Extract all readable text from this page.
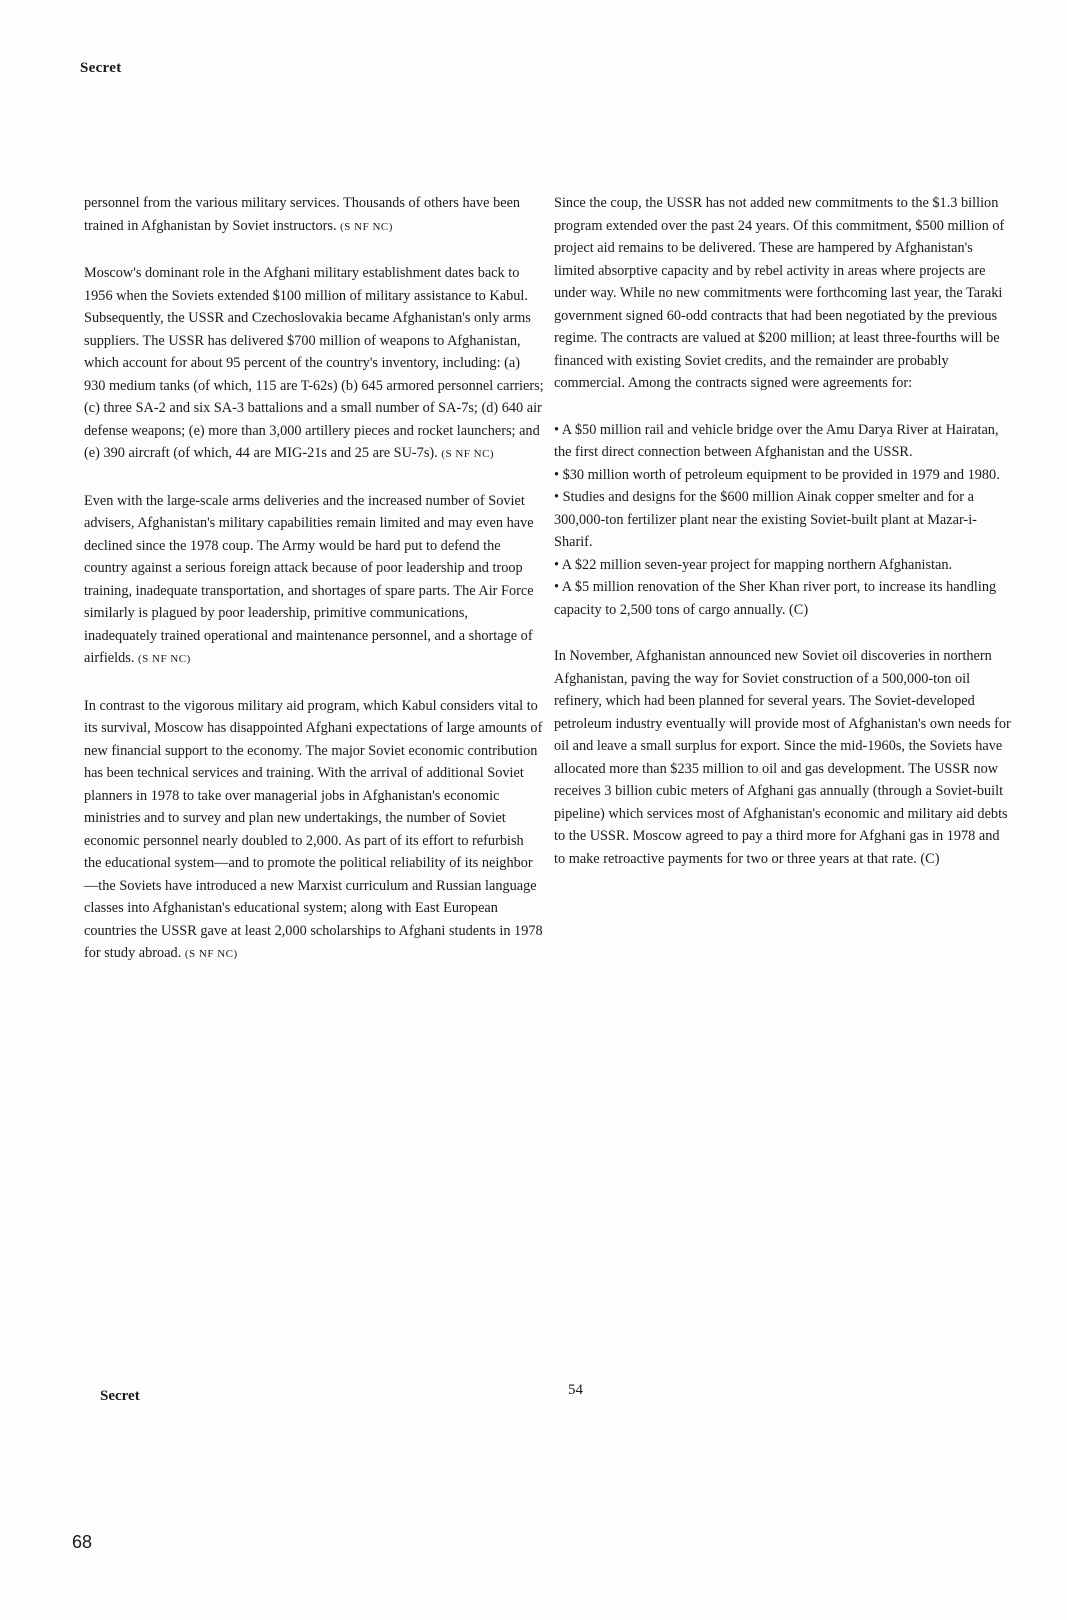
Secret

personnel from the various military services. Thousands of others have been trained in Afghanistan by Soviet instructors. (S NF NC)

Moscow's dominant role in the Afghani military establishment dates back to 1956 when the Soviets extended $100 million of military assistance to Kabul. Subsequently, the USSR and Czechoslovakia became Afghanistan's only arms suppliers. The USSR has delivered $700 million of weapons to Afghanistan, which account for about 95 percent of the country's inventory, including: (a) 930 medium tanks (of which, 115 are T-62s) (b) 645 armored personnel carriers; (c) three SA-2 and six SA-3 battalions and a small number of SA-7s; (d) 640 air defense weapons; (e) more than 3,000 artillery pieces and rocket launchers; and (e) 390 aircraft (of which, 44 are MIG-21s and 25 are SU-7s). (S NF NC)

Even with the large-scale arms deliveries and the increased number of Soviet advisers, Afghanistan's military capabilities remain limited and may even have declined since the 1978 coup. The Army would be hard put to defend the country against a serious foreign attack because of poor leadership and troop training, inadequate transportation, and shortages of spare parts. The Air Force similarly is plagued by poor leadership, primitive communications, inadequately trained operational and maintenance personnel, and a shortage of airfields. (S NF NC)

In contrast to the vigorous military aid program, which Kabul considers vital to its survival, Moscow has disappointed Afghani expectations of large amounts of new financial support to the economy. The major Soviet economic contribution has been technical services and training. With the arrival of additional Soviet planners in 1978 to take over managerial jobs in Afghanistan's economic ministries and to survey and plan new undertakings, the number of Soviet economic personnel nearly doubled to 2,000. As part of its effort to refurbish the educational system—and to promote the political reliability of its neighbor—the Soviets have introduced a new Marxist curriculum and Russian language classes into Afghanistan's educational system; along with East European countries the USSR gave at least 2,000 scholarships to Afghani students in 1978 for study abroad. (S NF NC)

Since the coup, the USSR has not added new commitments to the $1.3 billion program extended over the past 24 years. Of this commitment, $500 million of project aid remains to be delivered. These are hampered by Afghanistan's limited absorptive capacity and by rebel activity in areas where projects are under way. While no new commitments were forthcoming last year, the Taraki government signed 60-odd contracts that had been negotiated by the previous regime. The contracts are valued at $200 million; at least three-fourths will be financed with existing Soviet credits, and the remainder are probably commercial. Among the contracts signed were agreements for:

• A $50 million rail and vehicle bridge over the Amu Darya River at Hairatan, the first direct connection between Afghanistan and the USSR.
• $30 million worth of petroleum equipment to be provided in 1979 and 1980.
• Studies and designs for the $600 million Ainak copper smelter and for a 300,000-ton fertilizer plant near the existing Soviet-built plant at Mazar-i-Sharif.
• A $22 million seven-year project for mapping northern Afghanistan.
• A $5 million renovation of the Sher Khan river port, to increase its handling capacity to 2,500 tons of cargo annually. (C)

In November, Afghanistan announced new Soviet oil discoveries in northern Afghanistan, paving the way for Soviet construction of a 500,000-ton oil refinery, which had been planned for several years. The Soviet-developed petroleum industry eventually will provide most of Afghanistan's own needs for oil and leave a small surplus for export. Since the mid-1960s, the Soviets have allocated more than $235 million to oil and gas development. The USSR now receives 3 billion cubic meters of Afghani gas annually (through a Soviet-built pipeline) which services most of Afghanistan's economic and military aid debts to the USSR. Moscow agreed to pay a third more for Afghani gas in 1978 and to make retroactive payments for two or three years at that rate. (C)

Secret	54
68
